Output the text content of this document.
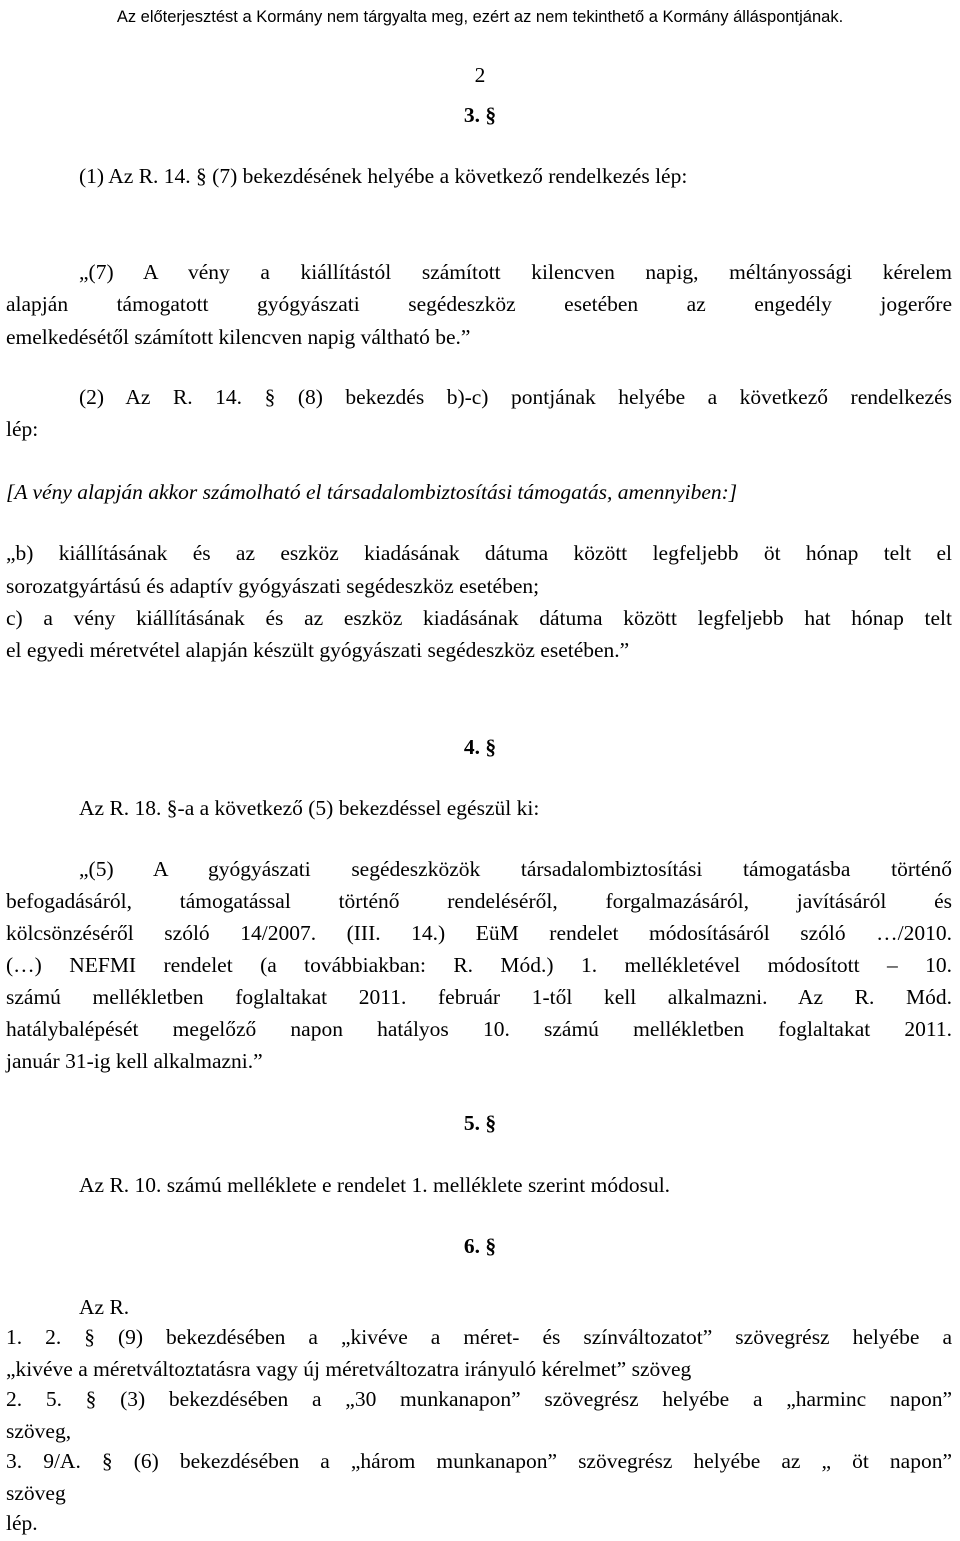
Az előterjesztést a Kormány nem tárgyalta meg, ezért az nem tekinthető a Kormány álláspontjának.
2
3. §
(1) Az R. 14. § (7) bekezdésének helyébe a következő rendelkezés lép:
„(7) A vény a kiállítástól számított kilencven napig, méltányossági kérelem
alapján támogatott gyógyászati segédeszköz esetében az engedély jogerőre
emelkedésétől számított kilencven napig váltható be.”
(2) Az R. 14. § (8) bekezdés b)-c) pontjának helyébe a következő rendelkezés
lép:
[A vény alapján akkor számolható el társadalombiztosítási támogatás, amennyiben:]
„b) kiállításának és az eszköz kiadásának dátuma között legfeljebb öt hónap telt el
sorozatgyártású és adaptív gyógyászati segédeszköz esetében;
c) a vény kiállításának és az eszköz kiadásának dátuma között legfeljebb hat hónap telt
el egyedi méretvétel alapján készült gyógyászati segédeszköz esetében.”
4. §
Az R. 18. §-a a következő (5) bekezdéssel egészül ki:
„(5) A gyógyászati segédeszközök társadalombiztosítási támogatásba történő
befogadásáról, támogatással történő rendeléséről, forgalmazásáról, javításáról és
kölcsönzéséről szóló 14/2007. (III. 14.) EüM rendelet módosításáról szóló …/2010.
(…) NEFMI rendelet (a továbbiakban: R. Mód.) 1. mellékletével módosított – 10.
számú mellékletben foglaltakat 2011. február 1-től kell alkalmazni. Az R. Mód.
hatálybalépését megelőző napon hatályos 10. számú mellékletben foglaltakat 2011.
január 31-ig kell alkalmazni.”
5. §
Az R. 10. számú melléklete e rendelet 1. melléklete szerint módosul.
6. §
Az R.
1. 2. § (9) bekezdésében a „kivéve a méret- és színváltozatot” szövegrész helyébe a
„kivéve a méretváltoztatásra vagy új méretváltozatra irányuló kérelmet” szöveg
2. 5. § (3) bekezdésében a „30 munkanapon” szövegrész helyébe a „harminc napon”
szöveg,
3. 9/A. § (6) bekezdésében a „három munkanapon” szövegrész helyébe az „ öt napon”
szöveg
lép.
